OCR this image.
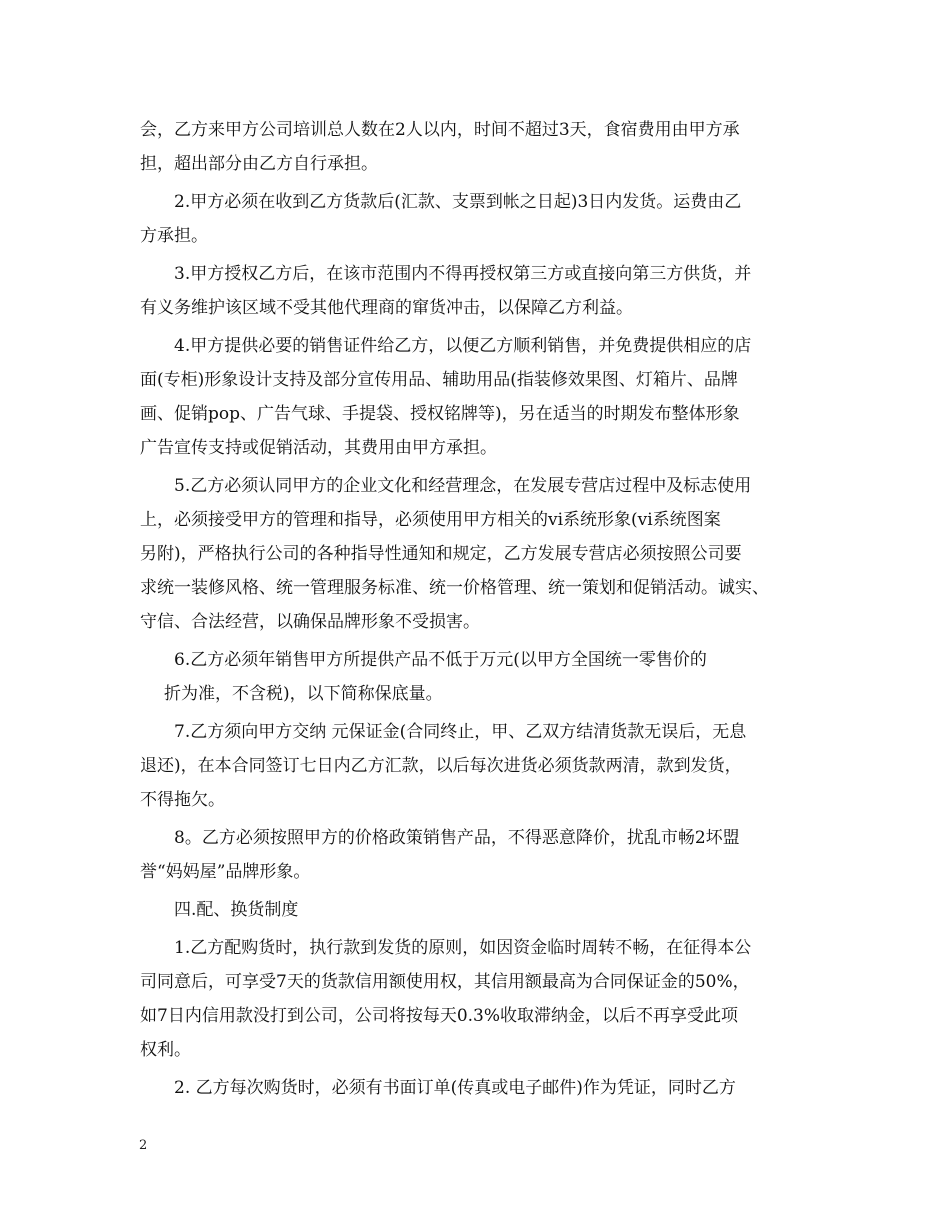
会，乙方来甲方公司培训总人数在2人以内，时间不超过3天，食宿费用由甲方承
担，超出部分由乙方自行承担。
2.甲方必须在收到乙方货款后(汇款、支票到帐之日起)3日内发货。运费由乙
方承担。
3.甲方授权乙方后，在该市范围内不得再授权第三方或直接向第三方供货，并
有义务维护该区域不受其他代理商的窜货冲击，以保障乙方利益。
4.甲方提供必要的销售证件给乙方，以便乙方顺利销售，并免费提供相应的店
面(专柜)形象设计支持及部分宣传用品、辅助用品(指装修效果图、灯箱片、品牌
画、促销pop、广告气球、手提袋、授权铭牌等)，另在适当的时期发布整体形象
广告宣传支持或促销活动，其费用由甲方承担。
5.乙方必须认同甲方的企业文化和经营理念，在发展专营店过程中及标志使用
上，必须接受甲方的管理和指导，必须使用甲方相关的vi系统形象(vi系统图案
另附)，严格执行公司的各种指导性通知和规定，乙方发展专营店必须按照公司要
求统一装修风格、统一管理服务标准、统一价格管理、统一策划和促销活动。诚实、
守信、合法经营，以确保品牌形象不受损害。
6.乙方必须年销售甲方所提供产品不低于万元(以甲方全国统一零售价的
折为准，不含税)，以下简称保底量。
7.乙方须向甲方交纳 元保证金(合同终止，甲、乙双方结清货款无误后，无息
退还)，在本合同签订七日内乙方汇款，以后每次进货必须货款两清，款到发货，
不得拖欠。
8。乙方必须按照甲方的价格政策销售产品，不得恶意降价，扰乱市畅2坏盟
誉“妈妈屋”品牌形象。
四.配、换货制度
1.乙方配购货时，执行款到发货的原则，如因资金临时周转不畅，在征得本公
司同意后，可享受7天的货款信用额使用权，其信用额最高为合同保证金的50%，
如7日内信用款没打到公司，公司将按每天0.3%收取滞纳金，以后不再享受此项
权利。
2. 乙方每次购货时，必须有书面订单(传真或电子邮件)作为凭证，同时乙方
2
